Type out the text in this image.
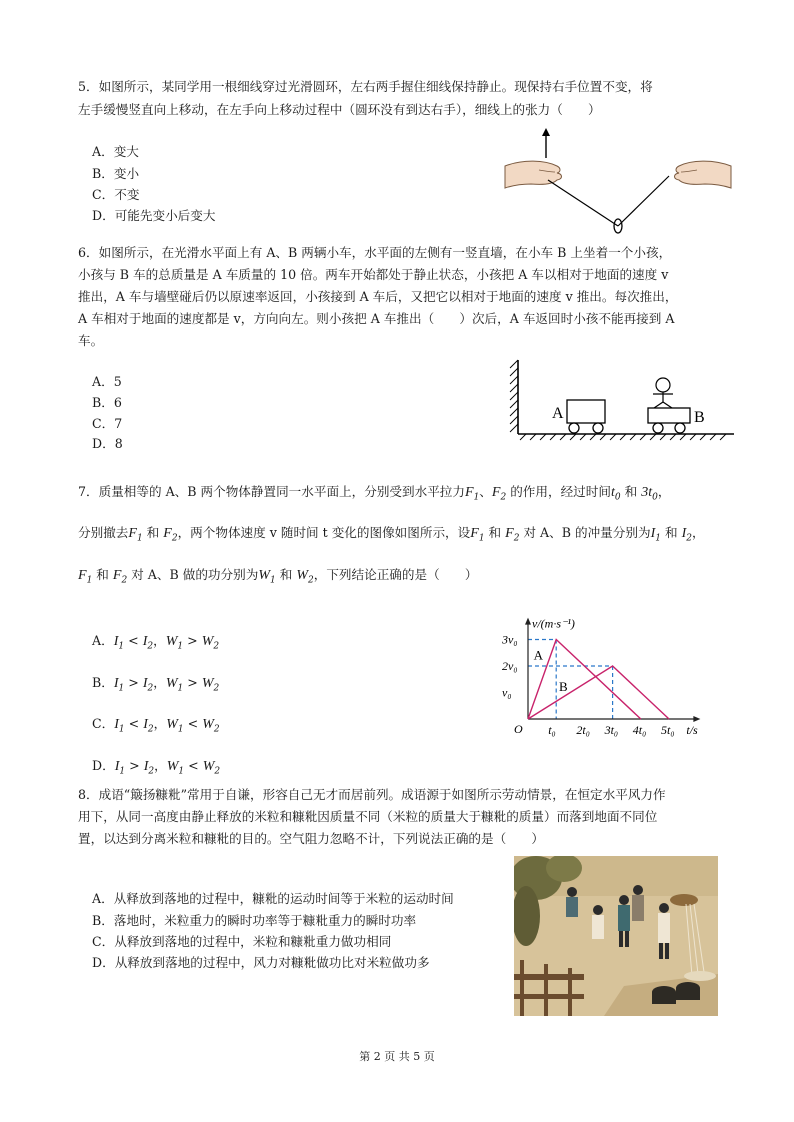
5．如图所示，某同学用一根细线穿过光滑圆环，左右两手握住细线保持静止。现保持右手位置不变，将
左手缓慢竖直向上移动，在左手向上移动过程中（圆环没有到达右手），细线上的张力（　　）
A．变大
B．变小
C．不变
D．可能先变小后变大
6．如图所示，在光滑水平面上有 A、B 两辆小车，水平面的左侧有一竖直墙，在小车 B 上坐着一个小孩，
小孩与 B 车的总质量是 A 车质量的 10 倍。两车开始都处于静止状态，小孩把 A 车以相对于地面的速度 v
推出，A 车与墙壁碰后仍以原速率返回，小孩接到 A 车后，又把它以相对于地面的速度 v 推出。每次推出，
A 车相对于地面的速度都是 v，方向向左。则小孩把 A 车推出（　　）次后，A 车返回时小孩不能再接到 A
车。
A．5
B．6
C．7
D．8
A	B
7．质量相等的 A、B 两个物体静置同一水平面上，分别受到水平拉力$F_1$、$F_2$ 的作用，经过时间$t_0$ 和 $3t_0$，
分别撤去$F_1$ 和 $F_2$，两个物体速度 v 随时间 t 变化的图像如图所示，设$F_1$ 和 $F_2$ 对 A、B 的冲量分别为$I_1$ 和 $I_2$，
$F_1$ 和 $F_2$ 对 A、B 做的功分别为$W_1$ 和 $W_2$，下列结论正确的是（　　）
A．$I_1 < I_2$，$W_1 > W_2$
B．$I_1 > I_2$，$W_1 > W_2$
C．$I_1 < I_2$，$W_1 < W_2$
D．$I_1 > I_2$，$W_1 < W_2$
A
B
t₀ 2t₀ 3t₀ 4t₀ 5t₀
v₀
2v₀
3v₀
O	t/s
v/(m·s⁻¹)
8．成语“簸扬糠粃”常用于自谦，形容自己无才而居前列。成语源于如图所示劳动情景，在恒定水平风力作
用下，从同一高度由静止释放的米粒和糠粃因质量不同（米粒的质量大于糠粃的质量）而落到地面不同位
置，以达到分离米粒和糠粃的目的。空气阻力忽略不计，下列说法正确的是（　　）
A．从释放到落地的过程中，糠粃的运动时间等于米粒的运动时间
B．落地时，米粒重力的瞬时功率等于糠粃重力的瞬时功率
C．从释放到落地的过程中，米粒和糠粃重力做功相同
D．从释放到落地的过程中，风力对糠粃做功比对米粒做功多
第 2 页 共 5 页
